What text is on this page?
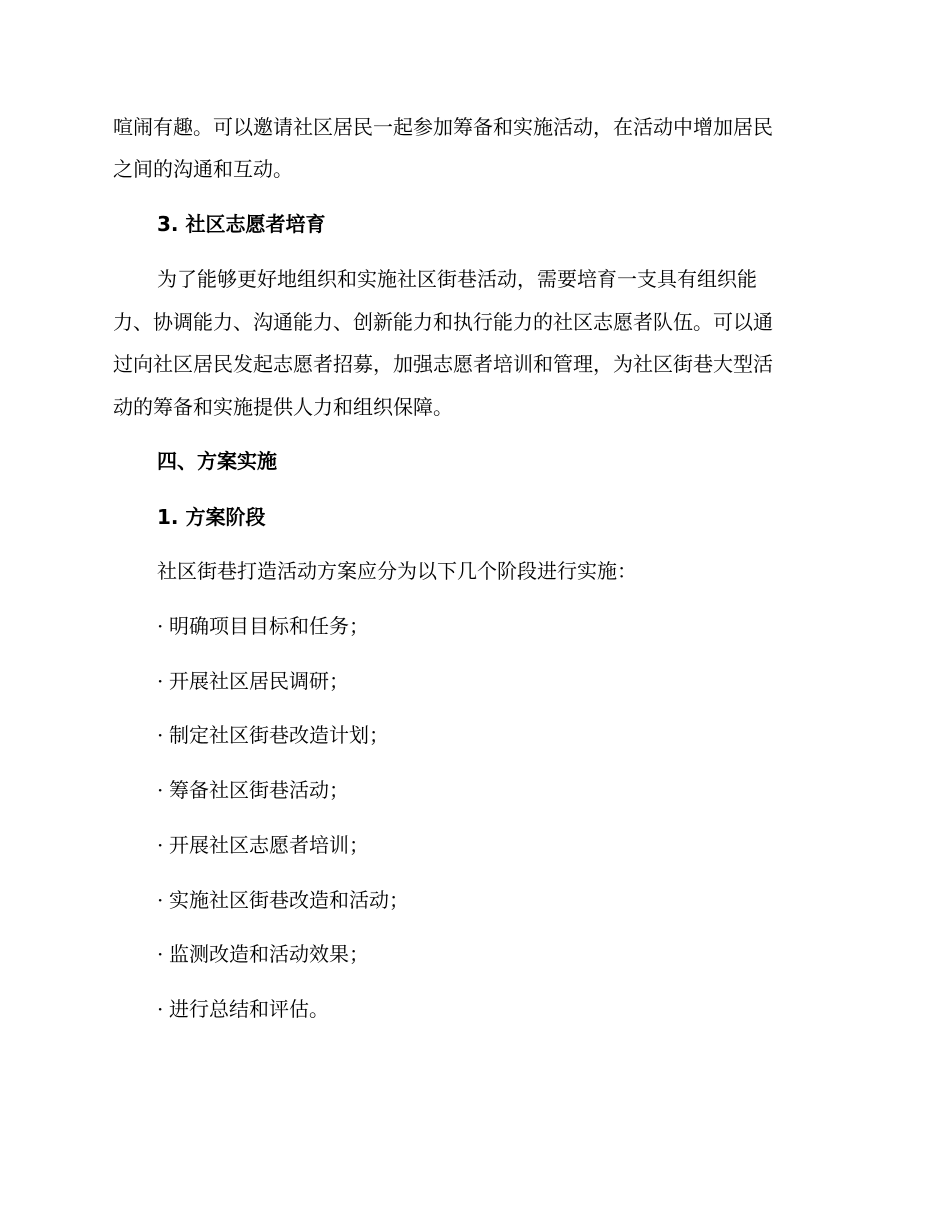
喧闹有趣。可以邀请社区居民一起参加筹备和实施活动，在活动中增加居民
之间的沟通和互动。
3. 社区志愿者培育
为了能够更好地组织和实施社区街巷活动，需要培育一支具有组织能
力、协调能力、沟通能力、创新能力和执行能力的社区志愿者队伍。可以通
过向社区居民发起志愿者招募，加强志愿者培训和管理，为社区街巷大型活
动的筹备和实施提供人力和组织保障。
四、方案实施
1. 方案阶段
社区街巷打造活动方案应分为以下几个阶段进行实施：
· 明确项目目标和任务；
· 开展社区居民调研；
· 制定社区街巷改造计划；
· 筹备社区街巷活动；
· 开展社区志愿者培训；
· 实施社区街巷改造和活动；
· 监测改造和活动效果；
· 进行总结和评估。
